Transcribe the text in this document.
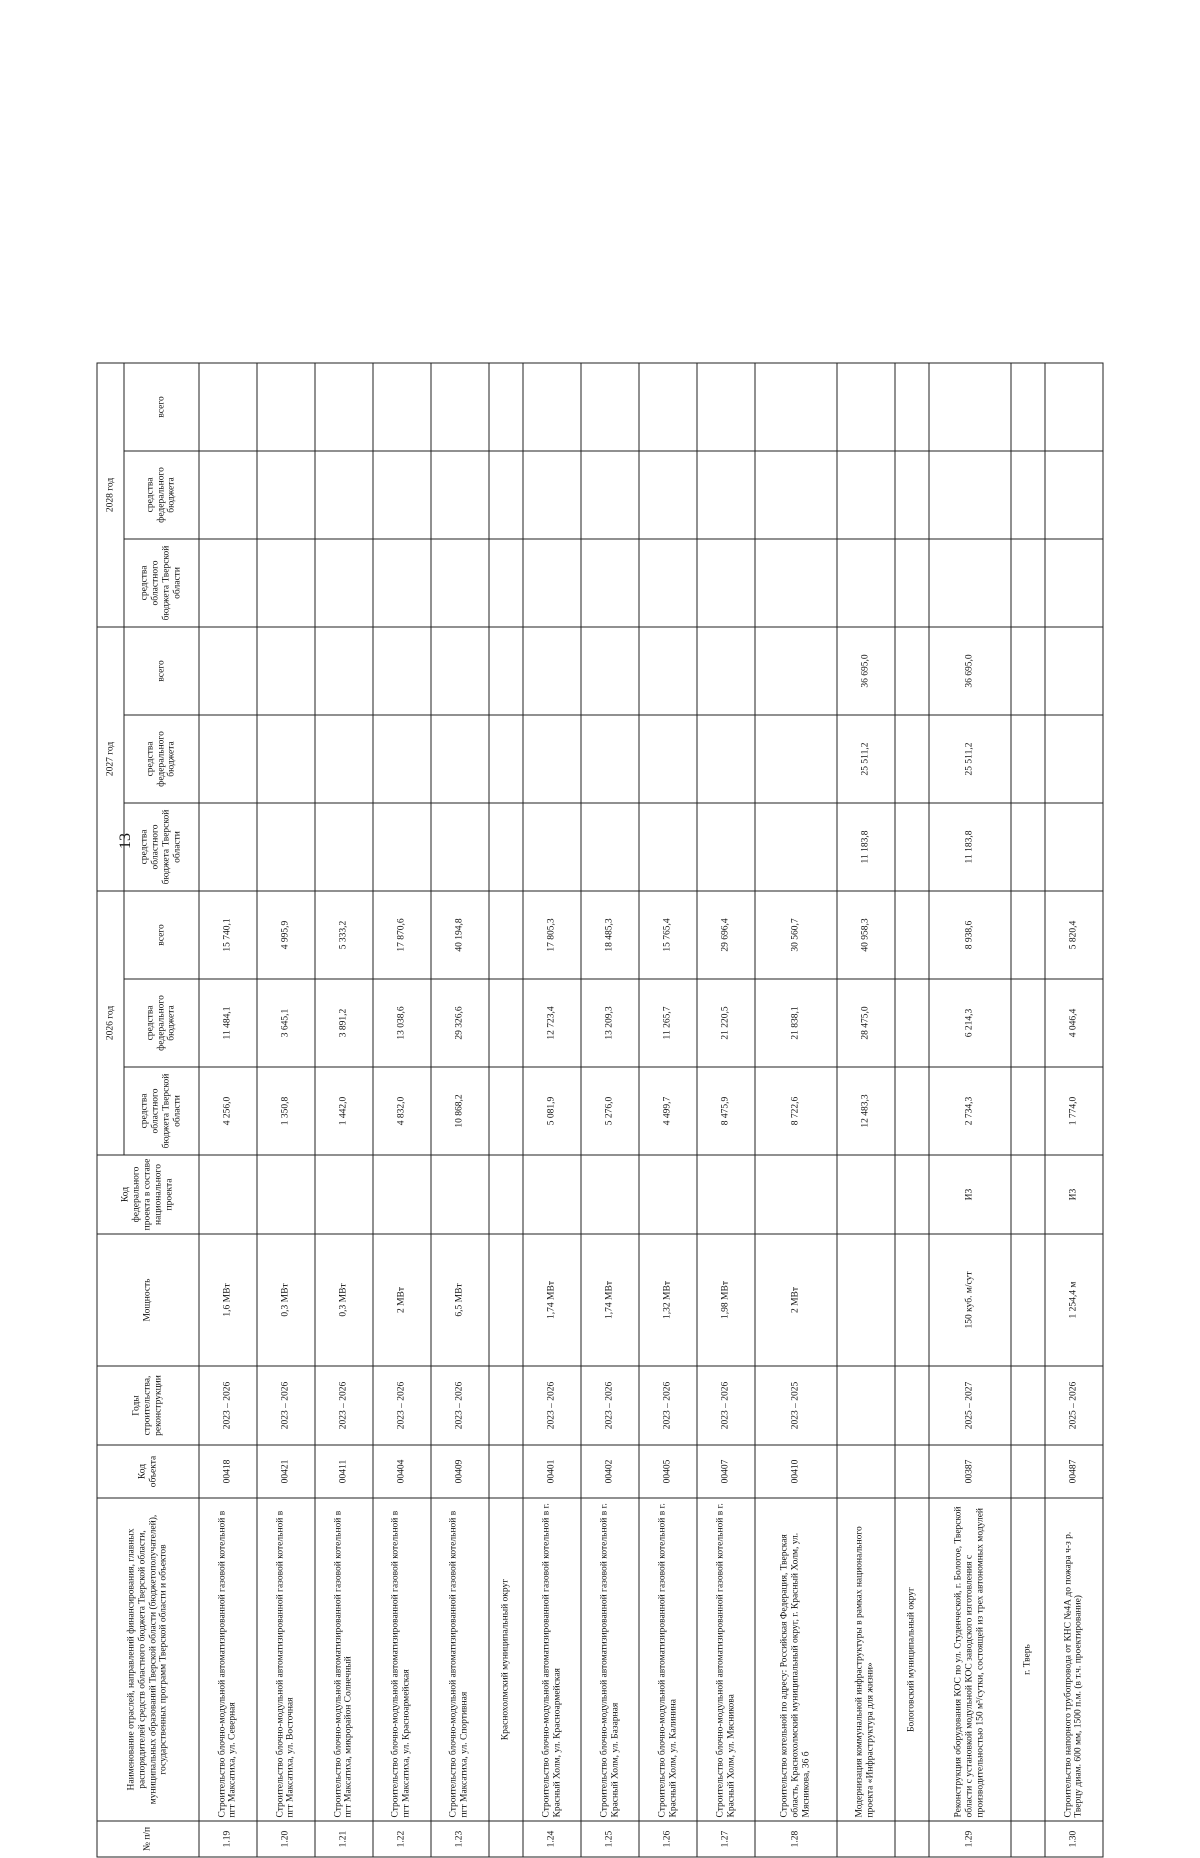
13
№ п/п	Наименование отраслей, направлений финансирования, главных распорядителей средств областного бюджета Тверской области, муниципальных образований Тверской области (бюджетополучателей), государственных программ Тверской области и объектов	Код объекта	Годы строительства, реконструкции	Мощность	Код федерального проекта в составе национального проекта	2026 год			2027 год			2028 год		
						средства областного бюджета Тверской области	средства федерального бюджета	всего	средства областного бюджета Тверской области	средства федерального бюджета	всего	средства областного бюджета Тверской области	средства федерального бюджета	всего
1.19	Строительство блочно-модульной автоматизированной газовой котельной в пгт Максатиха, ул. Северная	00418	2023 – 2026	1,6 МВт		4 256,0	11 484,1	15 740,1						
1.20	Строительство блочно-модульной автоматизированной газовой котельной в пгт Максатиха, ул. Восточная	00421	2023 – 2026	0,3 МВт		1 350,8	3 645,1	4 995,9						
1.21	Строительство блочно-модульной автоматизированной газовой котельной в пгт Максатиха, микрорайон Солнечный	00411	2023 – 2026	0,3 МВт		1 442,0	3 891,2	5 333,2						
1.22	Строительство блочно-модульной автоматизированной газовой котельной в пгт Максатиха, ул. Красноармейская	00404	2023 – 2026	2 МВт		4 832,0	13 038,6	17 870,6						
1.23	Строительство блочно-модульной автоматизированной газовой котельной в пгт Максатиха, ул. Спортивная	00409	2023 – 2026	6,5 МВт		10 868,2	29 326,6	40 194,8						
	Краснохолмский муниципальный округ													
1.24	Строительство блочно-модульной автоматизированной газовой котельной в г. Красный Холм, ул. Красноармейская	00401	2023 – 2026	1,74 МВт		5 081,9	12 723,4	17 805,3						
1.25	Строительство блочно-модульной автоматизированной газовой котельной в г. Красный Холм, ул. Базарная	00402	2023 – 2026	1,74 МВт		5 276,0	13 209,3	18 485,3						
1.26	Строительство блочно-модульной автоматизированной газовой котельной в г. Красный Холм, ул. Калинина	00405	2023 – 2026	1,32 МВт		4 499,7	11 265,7	15 765,4						
1.27	Строительство блочно-модульной автоматизированной газовой котельной в г. Красный Холм, ул. Мясникова	00407	2023 – 2026	1,98 МВт		8 475,9	21 220,5	29 696,4						
1.28	Строительство котельной по адресу: Российская Федерация, Тверская область, Краснохолмский муниципальный округ, г. Красный Холм, ул. Мясникова, 36 б	00410	2023 – 2025	2 МВт		8 722,6	21 838,1	30 560,7						
	Модернизация коммунальной инфраструктуры в рамках национального проекта «Инфраструктура для жизни»					12 483,3	28 475,0	40 958,3	11 183,8	25 511,2	36 695,0			
	Бологовский муниципальный округ													
1.29	Реконструкция оборудования КОС по ул. Студенческой, г. Бологое, Тверской области с установкой модульной КОС заводского изготовления с производительностью 150 м³/сутки, состоящей из трех автономных модулей	00387	2025 – 2027	150 куб. м/сут	И3	2 734,3	6 214,3	8 938,6	11 183,8	25 511,2	36 695,0			
	г. Тверь													
1.30	Строительство напорного трубопровода от КНС №4А до пожара ч-з р. Тверцу диам. 600 мм, 1500 п.м. (в т.ч. проектирование)	00487	2025 – 2026	1 254,4 м	И3	1 774,0	4 046,4	5 820,4						
